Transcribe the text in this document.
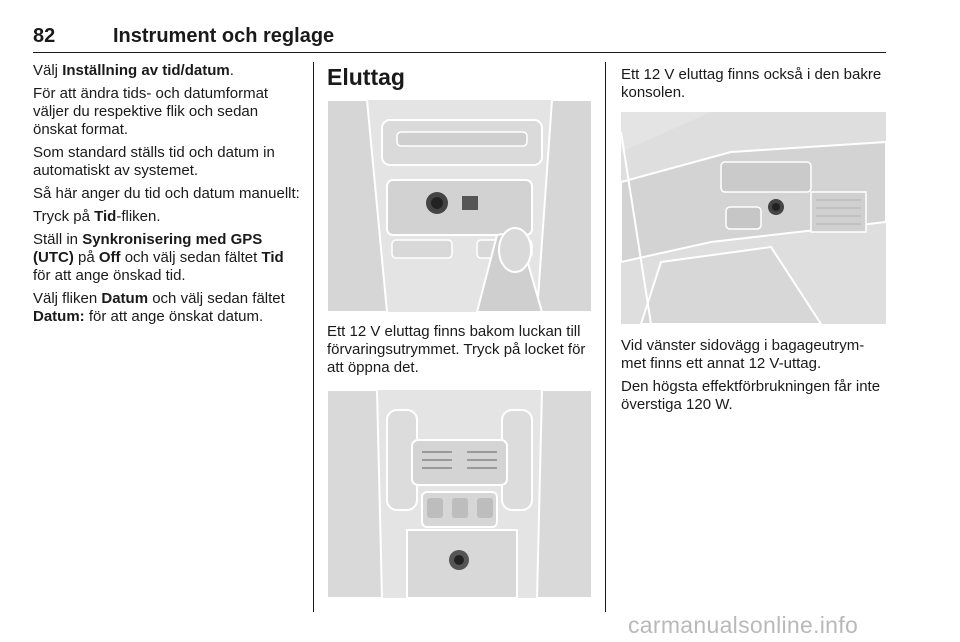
82	Instrument och reglage

Välj Inställning av tid/datum.

För att ändra tids- och datumformat väljer du respektive flik och sedan önskat format.

Som standard ställs tid och datum in automatiskt av systemet.

Så här anger du tid och datum manuellt:

Tryck på Tid-fliken.

Ställ in Synkronisering med GPS (UTC) på Off och välj sedan fältet Tid för att ange önskad tid.

Välj fliken Datum och välj sedan fältet Datum: för att ange önskat datum.

Eluttag
Ett 12 V eluttag finns bakom luckan till förvaringsutrymmet. Tryck på locket för att öppna det.
Ett 12 V eluttag finns också i den bakre konsolen.

Vid vänster sidovägg i bagageutrym-met finns ett annat 12 V-uttag.

Den högsta effektförbrukningen får inte överstiga 120 W.

carmanualsonline.info
